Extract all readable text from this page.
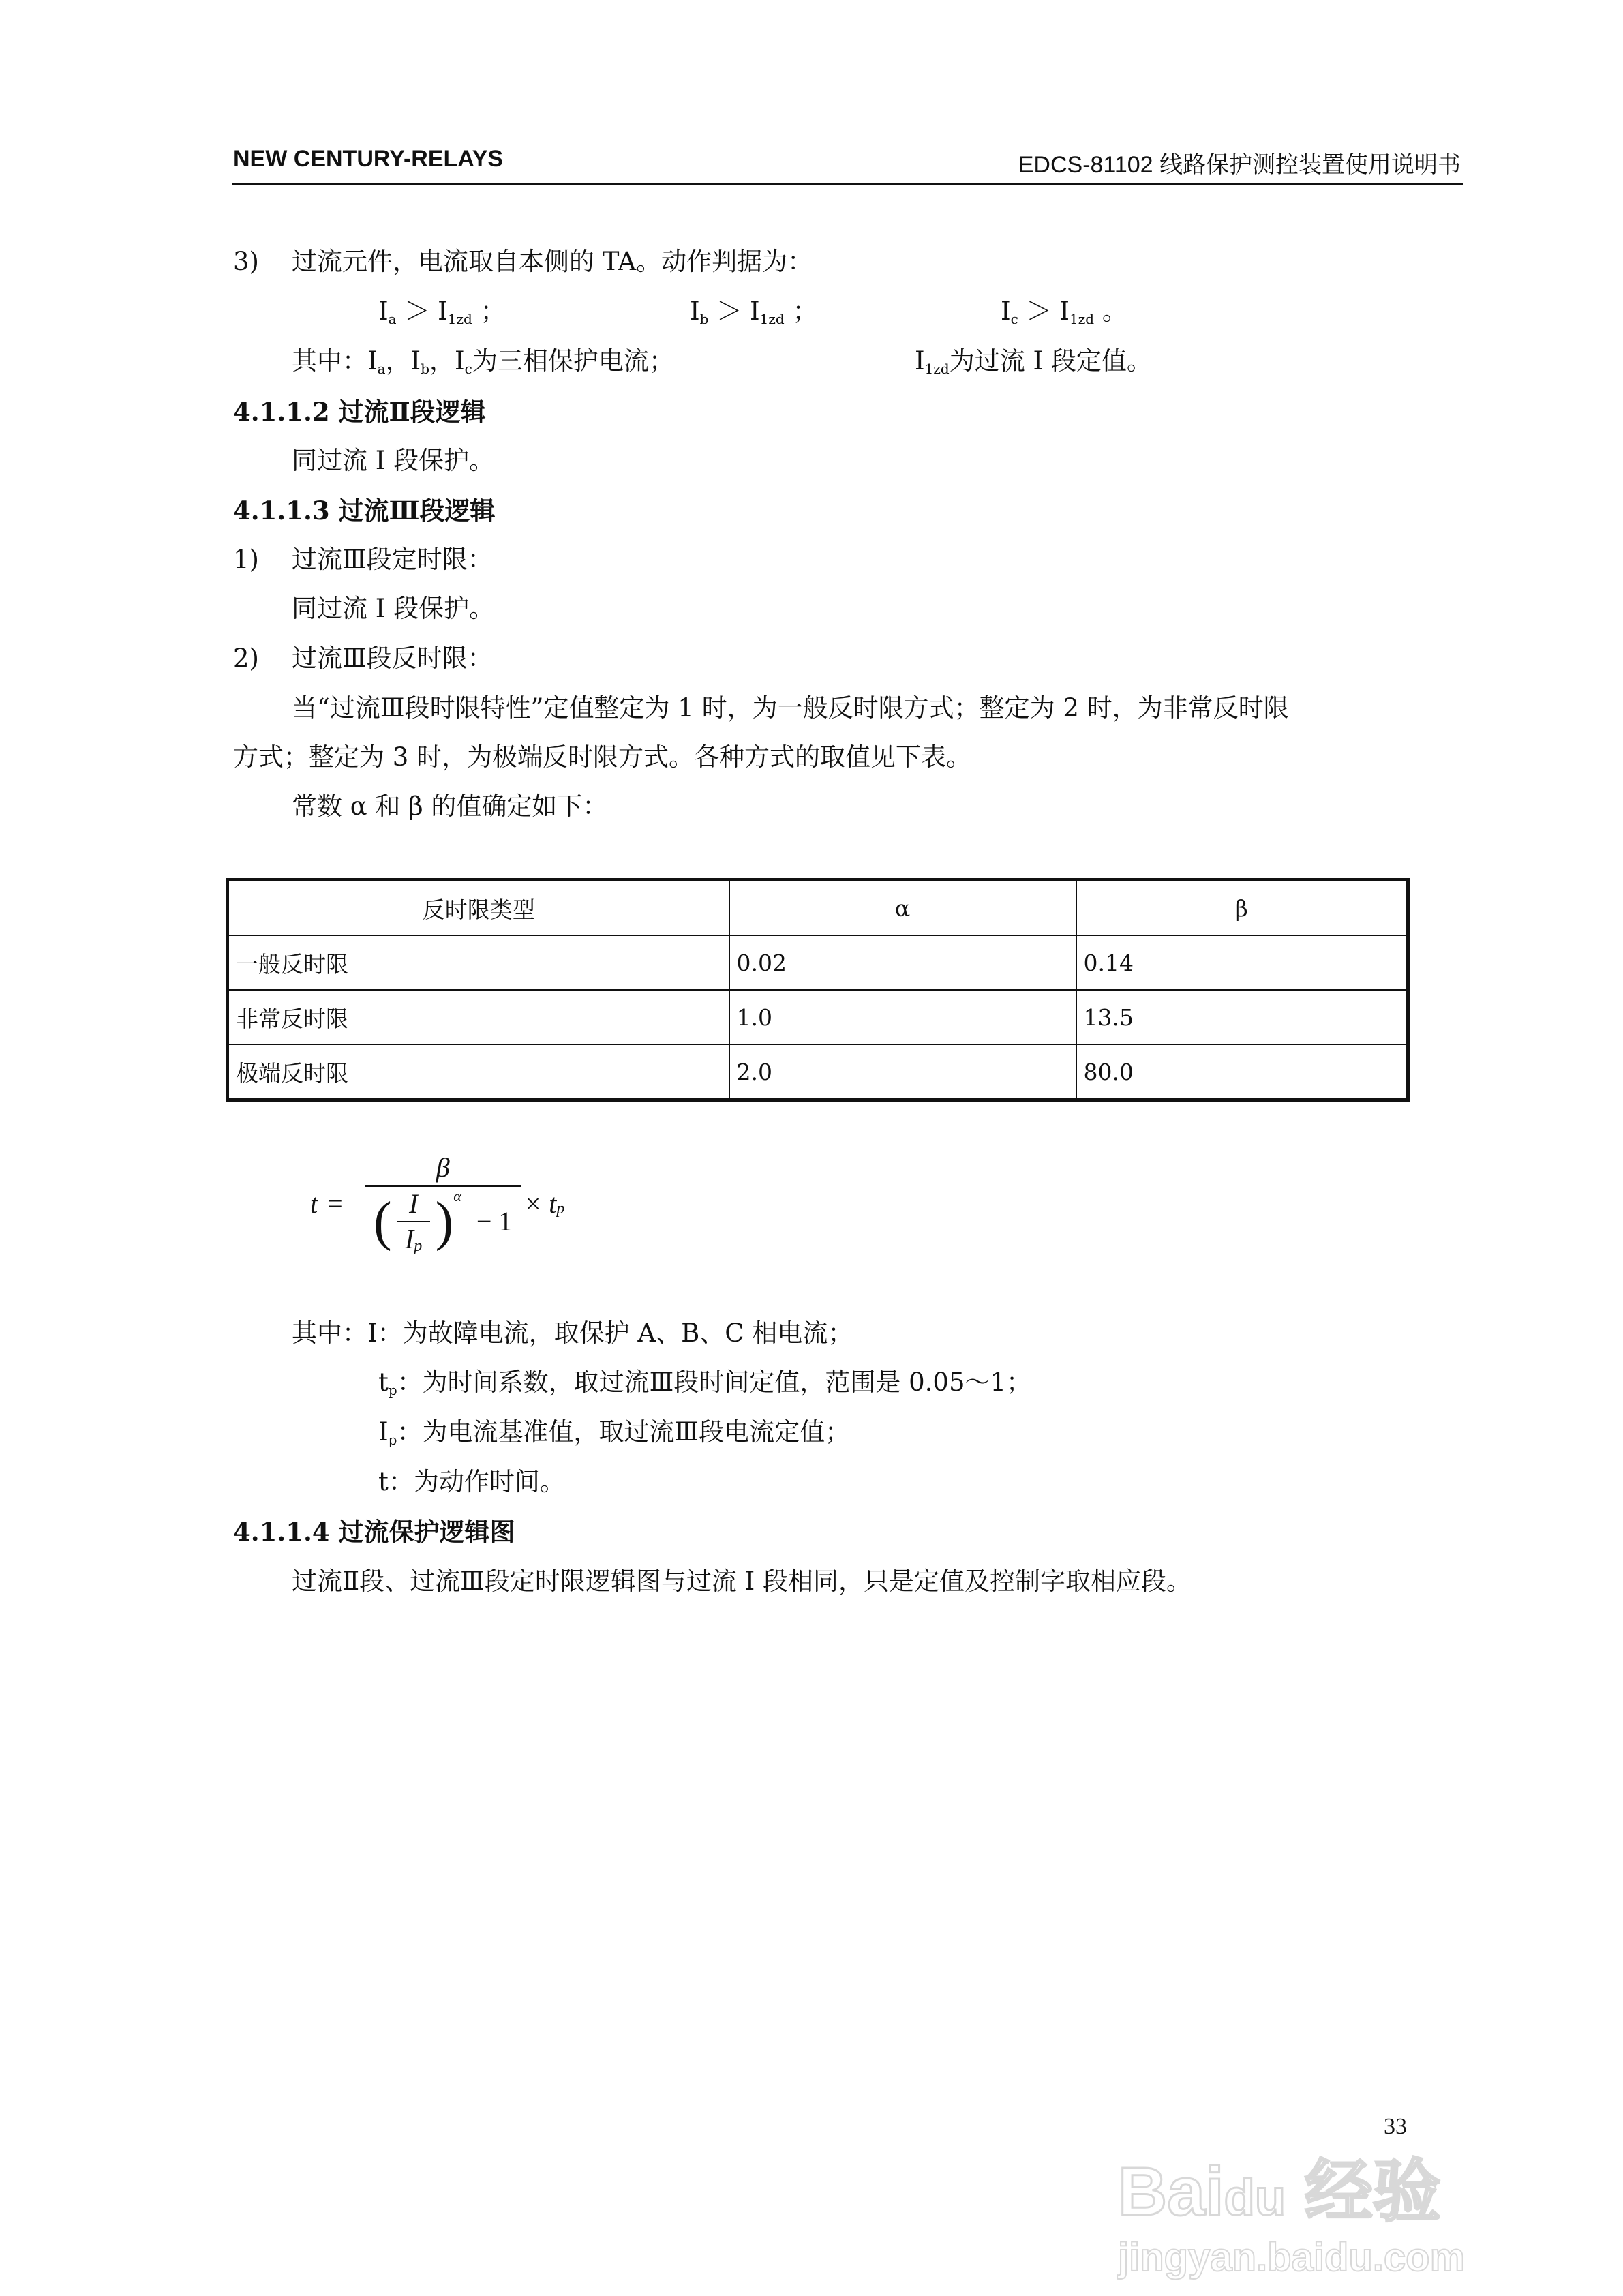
NEW CENTURY-RELAYS	EDCS-81102 线路保护测控装置使用说明书
3) 过流元件，电流取自本侧的 TA。动作判据为：
$I_a > I_{1zd}$ ；	$I_b > I_{1zd}$ ；	$I_c > I_{1zd}$ 。
其中：$I_a$，$I_b$，$I_c$为三相保护电流；	$I_{1zd}$为过流 I 段定值。
4.1.1.2 过流Ⅱ段逻辑
同过流 I 段保护。
4.1.1.3 过流Ⅲ段逻辑
1) 过流Ⅲ段定时限：
同过流 I 段保护。
2) 过流Ⅲ段反时限：
当“过流Ⅲ段时限特性”定值整定为 1 时，为一般反时限方式；整定为 2 时，为非常反时限
方式；整定为 3 时，为极端反时限方式。各种方式的取值见下表。
常数 α 和 β 的值确定如下：
反时限类型	α	β
一般反时限	0.02	0.14
非常反时限	1.0	13.5
极端反时限	2.0	80.0
t =
β
( I
I p ) α
− 1
× t p
其中：I：为故障电流，取保护 A、B、C 相电流；
$t_p$：为时间系数，取过流Ⅲ段时间定值，范围是 0.05～1；
$I_p$：为电流基准值，取过流Ⅲ段电流定值；
t：为动作时间。
4.1.1.4 过流保护逻辑图
过流Ⅱ段、过流Ⅲ段定时限逻辑图与过流 I 段相同，只是定值及控制字取相应段。
33
Baidu 经验
jingyan.baidu.com
